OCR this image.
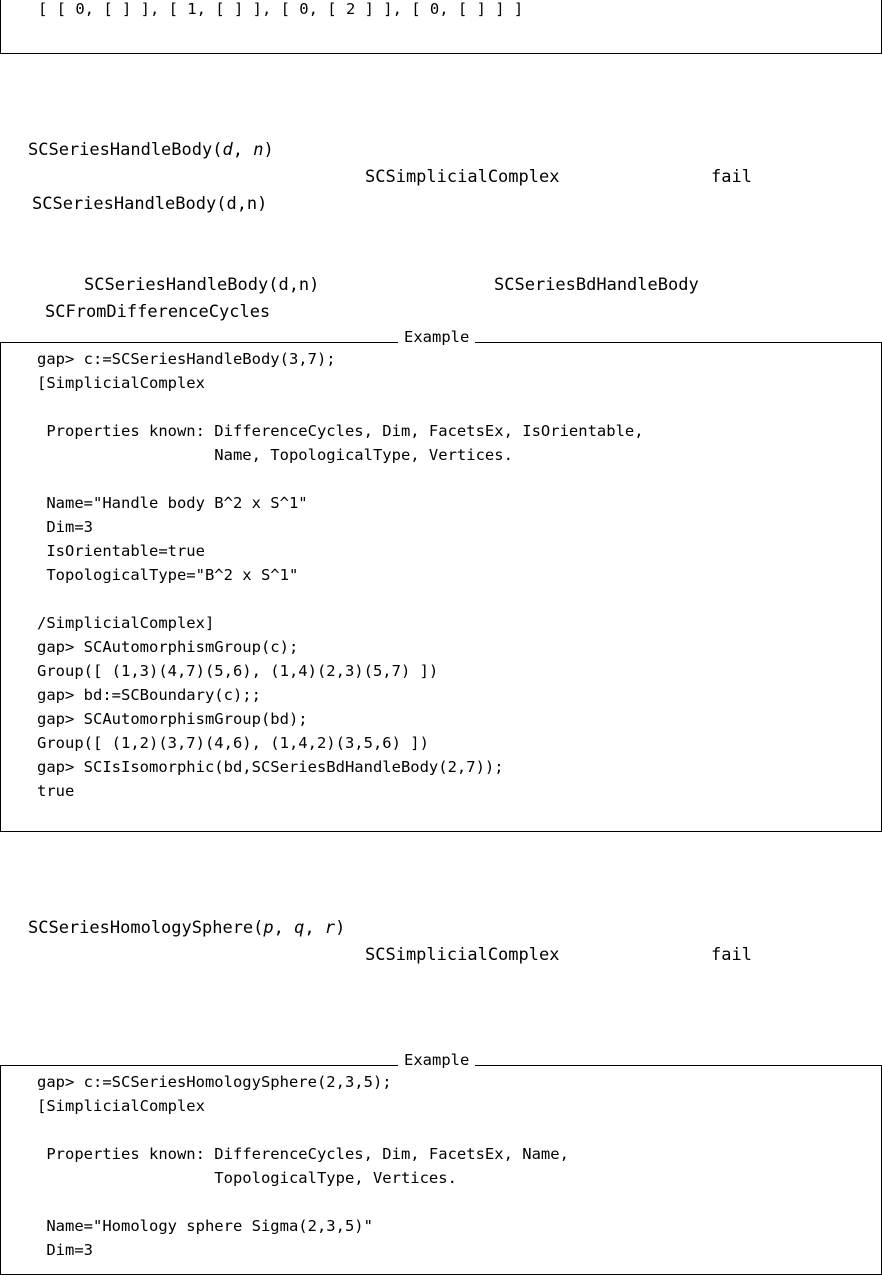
[ [ 0, [ ] ], [ 1, [ ] ], [ 0, [ 2 ] ], [ 0, [ ] ] ]
SCSeriesHandleBody(d, n)
SCSimplicialComplex	fail
SCSeriesHandleBody(d,n)
SCSeriesHandleBody(d,n)	SCSeriesBdHandleBody
SCFromDifferenceCycles
Example
gap> c:=SCSeriesHandleBody(3,7);
[SimplicialComplex
Properties known: DifferenceCycles, Dim, FacetsEx, IsOrientable,
Name, TopologicalType, Vertices.
Name="Handle body B^2 x S^1"
Dim=3
IsOrientable=true
TopologicalType="B^2 x S^1"
/SimplicialComplex]
gap> SCAutomorphismGroup(c);
Group([ (1,3)(4,7)(5,6), (1,4)(2,3)(5,7) ])
gap> bd:=SCBoundary(c);;
gap> SCAutomorphismGroup(bd);
Group([ (1,2)(3,7)(4,6), (1,4,2)(3,5,6) ])
gap> SCIsIsomorphic(bd,SCSeriesBdHandleBody(2,7));
true
SCSeriesHomologySphere(p, q, r)
SCSimplicialComplex	fail
Example
gap> c:=SCSeriesHomologySphere(2,3,5);
[SimplicialComplex
Properties known: DifferenceCycles, Dim, FacetsEx, Name,
TopologicalType, Vertices.
Name="Homology sphere Sigma(2,3,5)"
Dim=3
